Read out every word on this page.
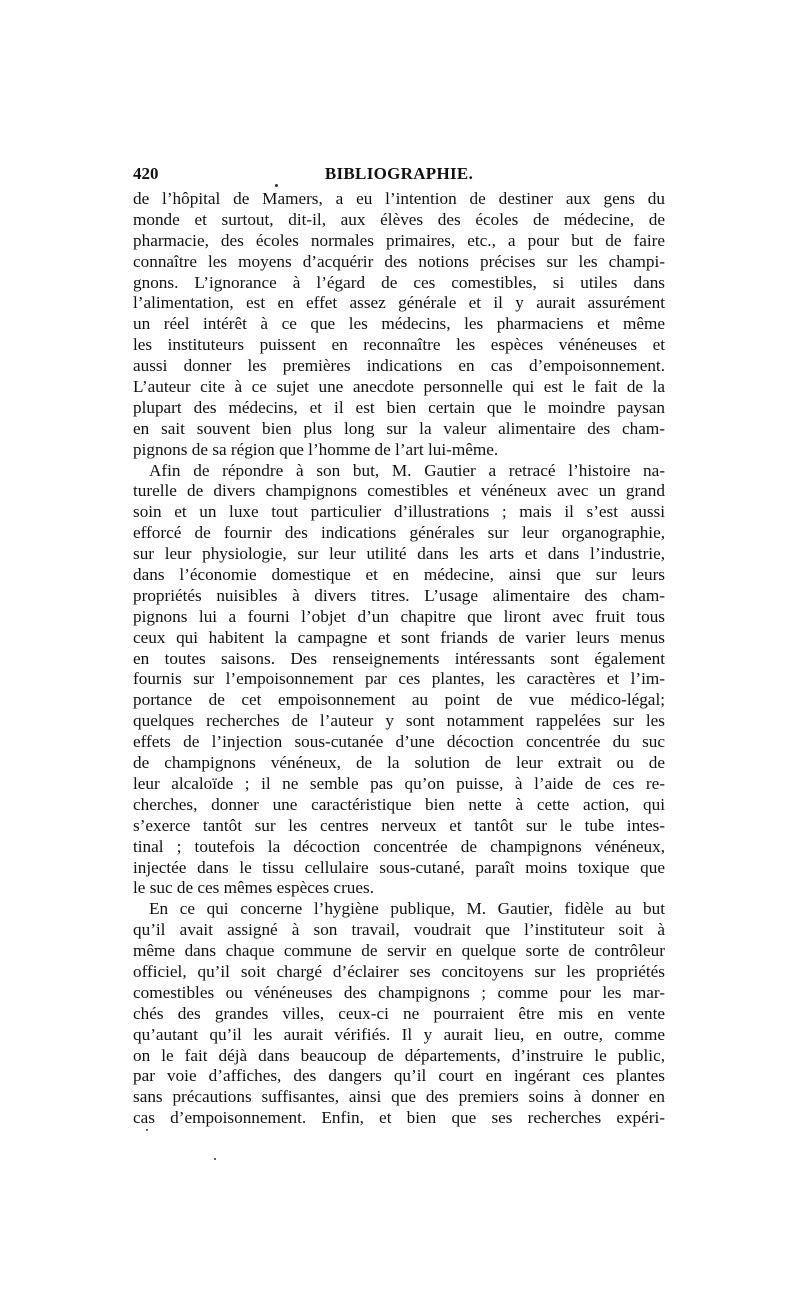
420	BIBLIOGRAPHIE.
de l’hôpital de Mamers, a eu l’intention de destiner aux gens du
monde et surtout, dit-il, aux élèves des écoles de médecine, de
pharmacie, des écoles normales primaires, etc., a pour but de faire
connaître les moyens d’acquérir des notions précises sur les champi-
gnons. L’ignorance à l’égard de ces comestibles, si utiles dans
l’alimentation, est en effet assez générale et il y aurait assurément
un réel intérêt à ce que les médecins, les pharmaciens et même
les instituteurs puissent en reconnaître les espèces vénéneuses et
aussi donner les premières indications en cas d’empoisonnement.
L’auteur cite à ce sujet une anecdote personnelle qui est le fait de la
plupart des médecins, et il est bien certain que le moindre paysan
en sait souvent bien plus long sur la valeur alimentaire des cham-
pignons de sa région que l’homme de l’art lui-même.
Afin de répondre à son but, M. Gautier a retracé l’histoire na-
turelle de divers champignons comestibles et vénéneux avec un grand
soin et un luxe tout particulier d’illustrations ; mais il s’est aussi
efforcé de fournir des indications générales sur leur organographie,
sur leur physiologie, sur leur utilité dans les arts et dans l’industrie,
dans l’économie domestique et en médecine, ainsi que sur leurs
propriétés nuisibles à divers titres. L’usage alimentaire des cham-
pignons lui a fourni l’objet d’un chapitre que liront avec fruit tous
ceux qui habitent la campagne et sont friands de varier leurs menus
en toutes saisons. Des renseignements intéressants sont également
fournis sur l’empoisonnement par ces plantes, les caractères et l’im-
portance de cet empoisonnement au point de vue médico-légal;
quelques recherches de l’auteur y sont notamment rappelées sur les
effets de l’injection sous-cutanée d’une décoction concentrée du suc
de champignons vénéneux, de la solution de leur extrait ou de
leur alcaloïde ; il ne semble pas qu’on puisse, à l’aide de ces re-
cherches, donner une caractéristique bien nette à cette action, qui
s’exerce tantôt sur les centres nerveux et tantôt sur le tube intes-
tinal ; toutefois la décoction concentrée de champignons vénéneux,
injectée dans le tissu cellulaire sous-cutané, paraît moins toxique que
le suc de ces mêmes espèces crues.
En ce qui concerne l’hygiène publique, M. Gautier, fidèle au but
qu’il avait assigné à son travail, voudrait que l’instituteur soit à
même dans chaque commune de servir en quelque sorte de contrôleur
officiel, qu’il soit chargé d’éclairer ses concitoyens sur les propriétés
comestibles ou vénéneuses des champignons ; comme pour les mar-
chés des grandes villes, ceux-ci ne pourraient être mis en vente
qu’autant qu’il les aurait vérifiés. Il y aurait lieu, en outre, comme
on le fait déjà dans beaucoup de départements, d’instruire le public,
par voie d’affiches, des dangers qu’il court en ingérant ces plantes
sans précautions suffisantes, ainsi que des premiers soins à donner en
cas d’empoisonnement. Enfin, et bien que ses recherches expéri-
